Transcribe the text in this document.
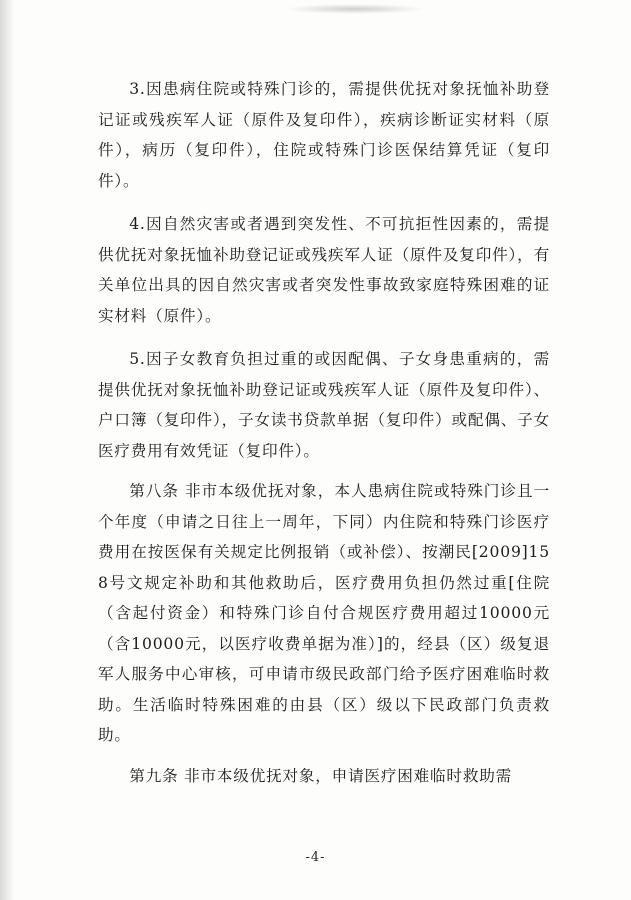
3.因患病住院或特殊门诊的，需提供优抚对象抚恤补助登记证或残疾军人证（原件及复印件），疾病诊断证实材料（原件），病历（复印件），住院或特殊门诊医保结算凭证（复印件）。

4.因自然灾害或者遇到突发性、不可抗拒性因素的，需提供优抚对象抚恤补助登记证或残疾军人证（原件及复印件），有关单位出具的因自然灾害或者突发性事故致家庭特殊困难的证实材料（原件）。

5.因子女教育负担过重的或因配偶、子女身患重病的，需提供优抚对象抚恤补助登记证或残疾军人证（原件及复印件）、户口簿（复印件），子女读书贷款单据（复印件）或配偶、子女医疗费用有效凭证（复印件）。

第八条 非市本级优抚对象，本人患病住院或特殊门诊且一个年度（申请之日往上一周年，下同）内住院和特殊门诊医疗费用在按医保有关规定比例报销（或补偿）、按潮民[2009]158号文规定补助和其他救助后，医疗费用负担仍然过重[住院（含起付资金）和特殊门诊自付合规医疗费用超过10000元（含10000元，以医疗收费单据为准）]的，经县（区）级复退军人服务中心审核，可申请市级民政部门给予医疗困难临时救助。生活临时特殊困难的由县（区）级以下民政部门负责救助。

第九条 非市本级优抚对象，申请医疗困难临时救助需

-4-
